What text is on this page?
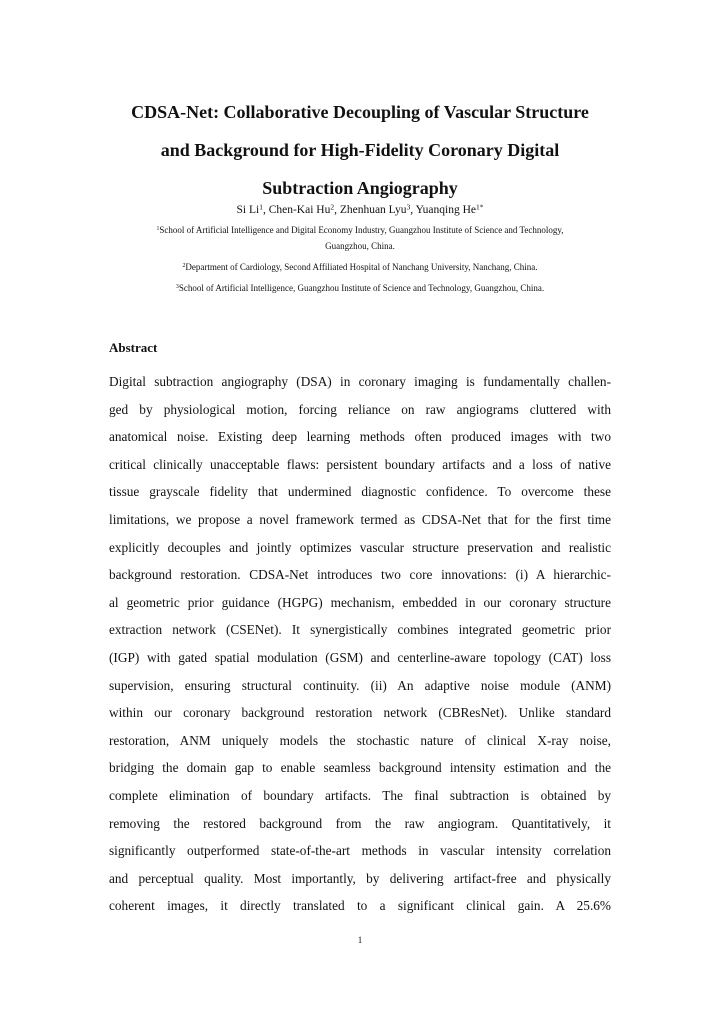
CDSA-Net: Collaborative Decoupling of Vascular Structure
and Background for High-Fidelity Coronary Digital
Subtraction Angiography
Si Li$^1$, Chen-Kai Hu$^2$, Zhenhuan Lyu$^3$, Yuanqing $He^{1*}$
$^1$School of Artificial Intelligence and Digital Economy Industry, Guangzhou Institute of Science and Technology,
Guangzhou, China.
$^2$Department of Cardiology, Second Affiliated Hospital of Nanchang University, Nanchang, China.
$^3$School of Artificial Intelligence, Guangzhou Institute of Science and Technology, Guangzhou, China.
Abstract
Digital subtraction angiography (DSA) in coronary imaging is fundamentally challen-
ged by physiological motion, forcing reliance on raw angiograms cluttered with
anatomical noise. Existing deep learning methods often produced images with two
critical clinically unacceptable flaws: persistent boundary artifacts and a loss of native
tissue grayscale fidelity that undermined diagnostic confidence. To overcome these
limitations, we propose a novel framework termed as CDSA-Net that for the first time
explicitly decouples and jointly optimizes vascular structure preservation and realistic
background restoration. CDSA-Net introduces two core innovations: (i) A hierarchic-
al geometric prior guidance (HGPG) mechanism, embedded in our coronary structure
extraction network (CSENet). It synergistically combines integrated geometric prior
(IGP) with gated spatial modulation (GSM) and centerline-aware topology (CAT) loss
supervision, ensuring structural continuity. (ii) An adaptive noise module (ANM)
within our coronary background restoration network (CBResNet). Unlike standard
restoration, ANM uniquely models the stochastic nature of clinical X-ray noise,
bridging the domain gap to enable seamless background intensity estimation and the
complete elimination of boundary artifacts. The final subtraction is obtained by
removing the restored background from the raw angiogram. Quantitatively, it
significantly outperformed state-of-the-art methods in vascular intensity correlation
and perceptual quality. Most importantly, by delivering artifact-free and physically
coherent images, it directly translated to a significant clinical gain. A 25.6%
1
